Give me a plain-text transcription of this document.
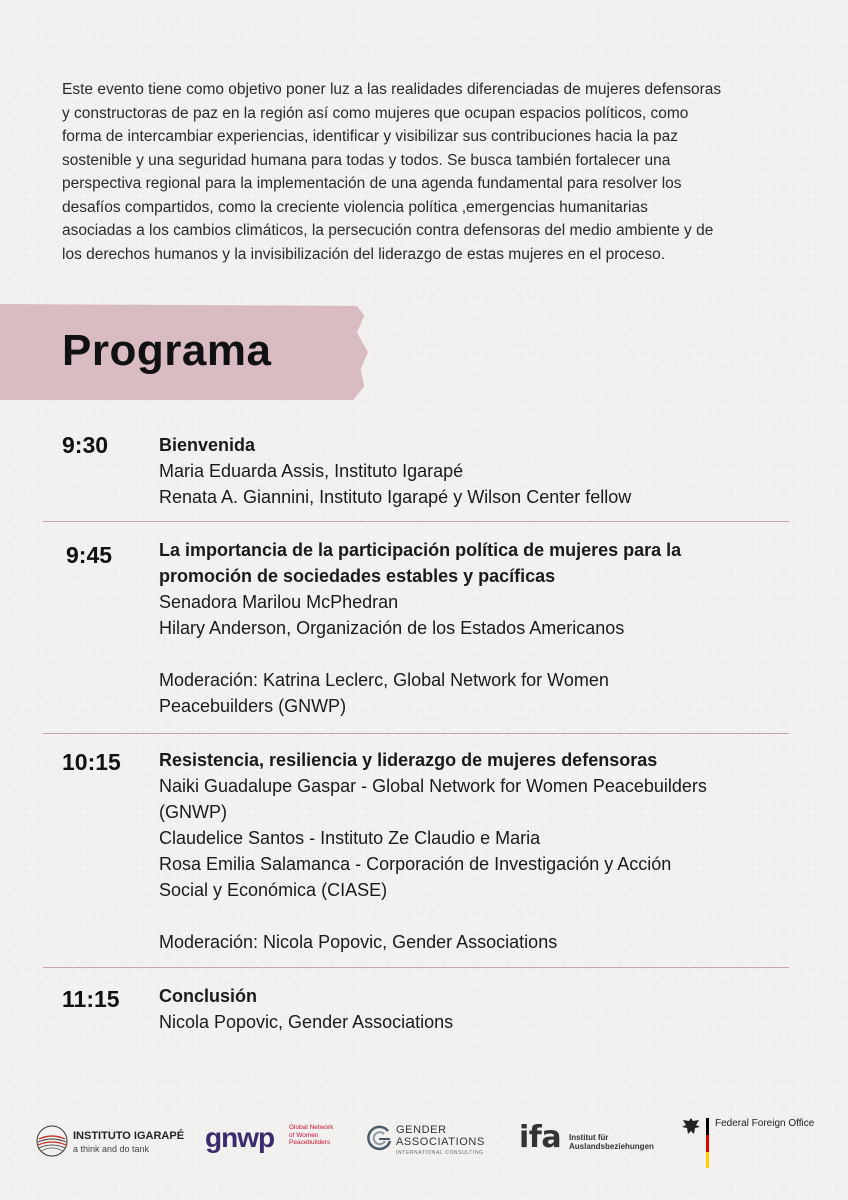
Este evento tiene como objetivo poner luz a las realidades diferenciadas de mujeres defensoras
y constructoras de paz en la región así como mujeres que ocupan espacios políticos, como
forma de intercambiar experiencias, identificar y visibilizar sus contribuciones hacia la paz
sostenible y una seguridad humana para todas y todos. Se busca también fortalecer una
perspectiva regional para la implementación de una agenda fundamental para resolver los
desafíos compartidos, como la creciente violencia política ,emergencias humanitarias
asociadas a los cambios climáticos, la persecución contra defensoras del medio ambiente y de
los derechos humanos y la invisibilización del liderazgo de estas mujeres en el proceso.
Programa
9:30	Bienvenida
Maria Eduarda Assis, Instituto Igarapé
Renata A. Giannini, Instituto Igarapé y Wilson Center fellow
9:45	La importancia de la participación política de mujeres para la
promoción de sociedades estables y pacíficas
Senadora Marilou McPhedran
Hilary Anderson, Organización de los Estados Americanos
Moderación: Katrina Leclerc, Global Network for Women
Peacebuilders (GNWP)
10:15 Resistencia, resiliencia y liderazgo de mujeres defensoras
Naiki Guadalupe Gaspar - Global Network for Women Peacebuilders
(GNWP)
Claudelice Santos - Instituto Ze Claudio e Maria
Rosa Emilia Salamanca - Corporación de Investigación y Acción
Social y Económica (CIASE)
Moderación: Nicola Popovic, Gender Associations
11:15 Conclusión
Nicola Popovic, Gender Associations
INSTITUTO IGARAPÉ
a think and do tank gnwp Global Network
of Women
Peacebuilders
GENDER
ASSOCIATIONS
INTERNATIONAL CONSULTING ifa Institut für
Auslandsbeziehungen
Federal Foreign Office
